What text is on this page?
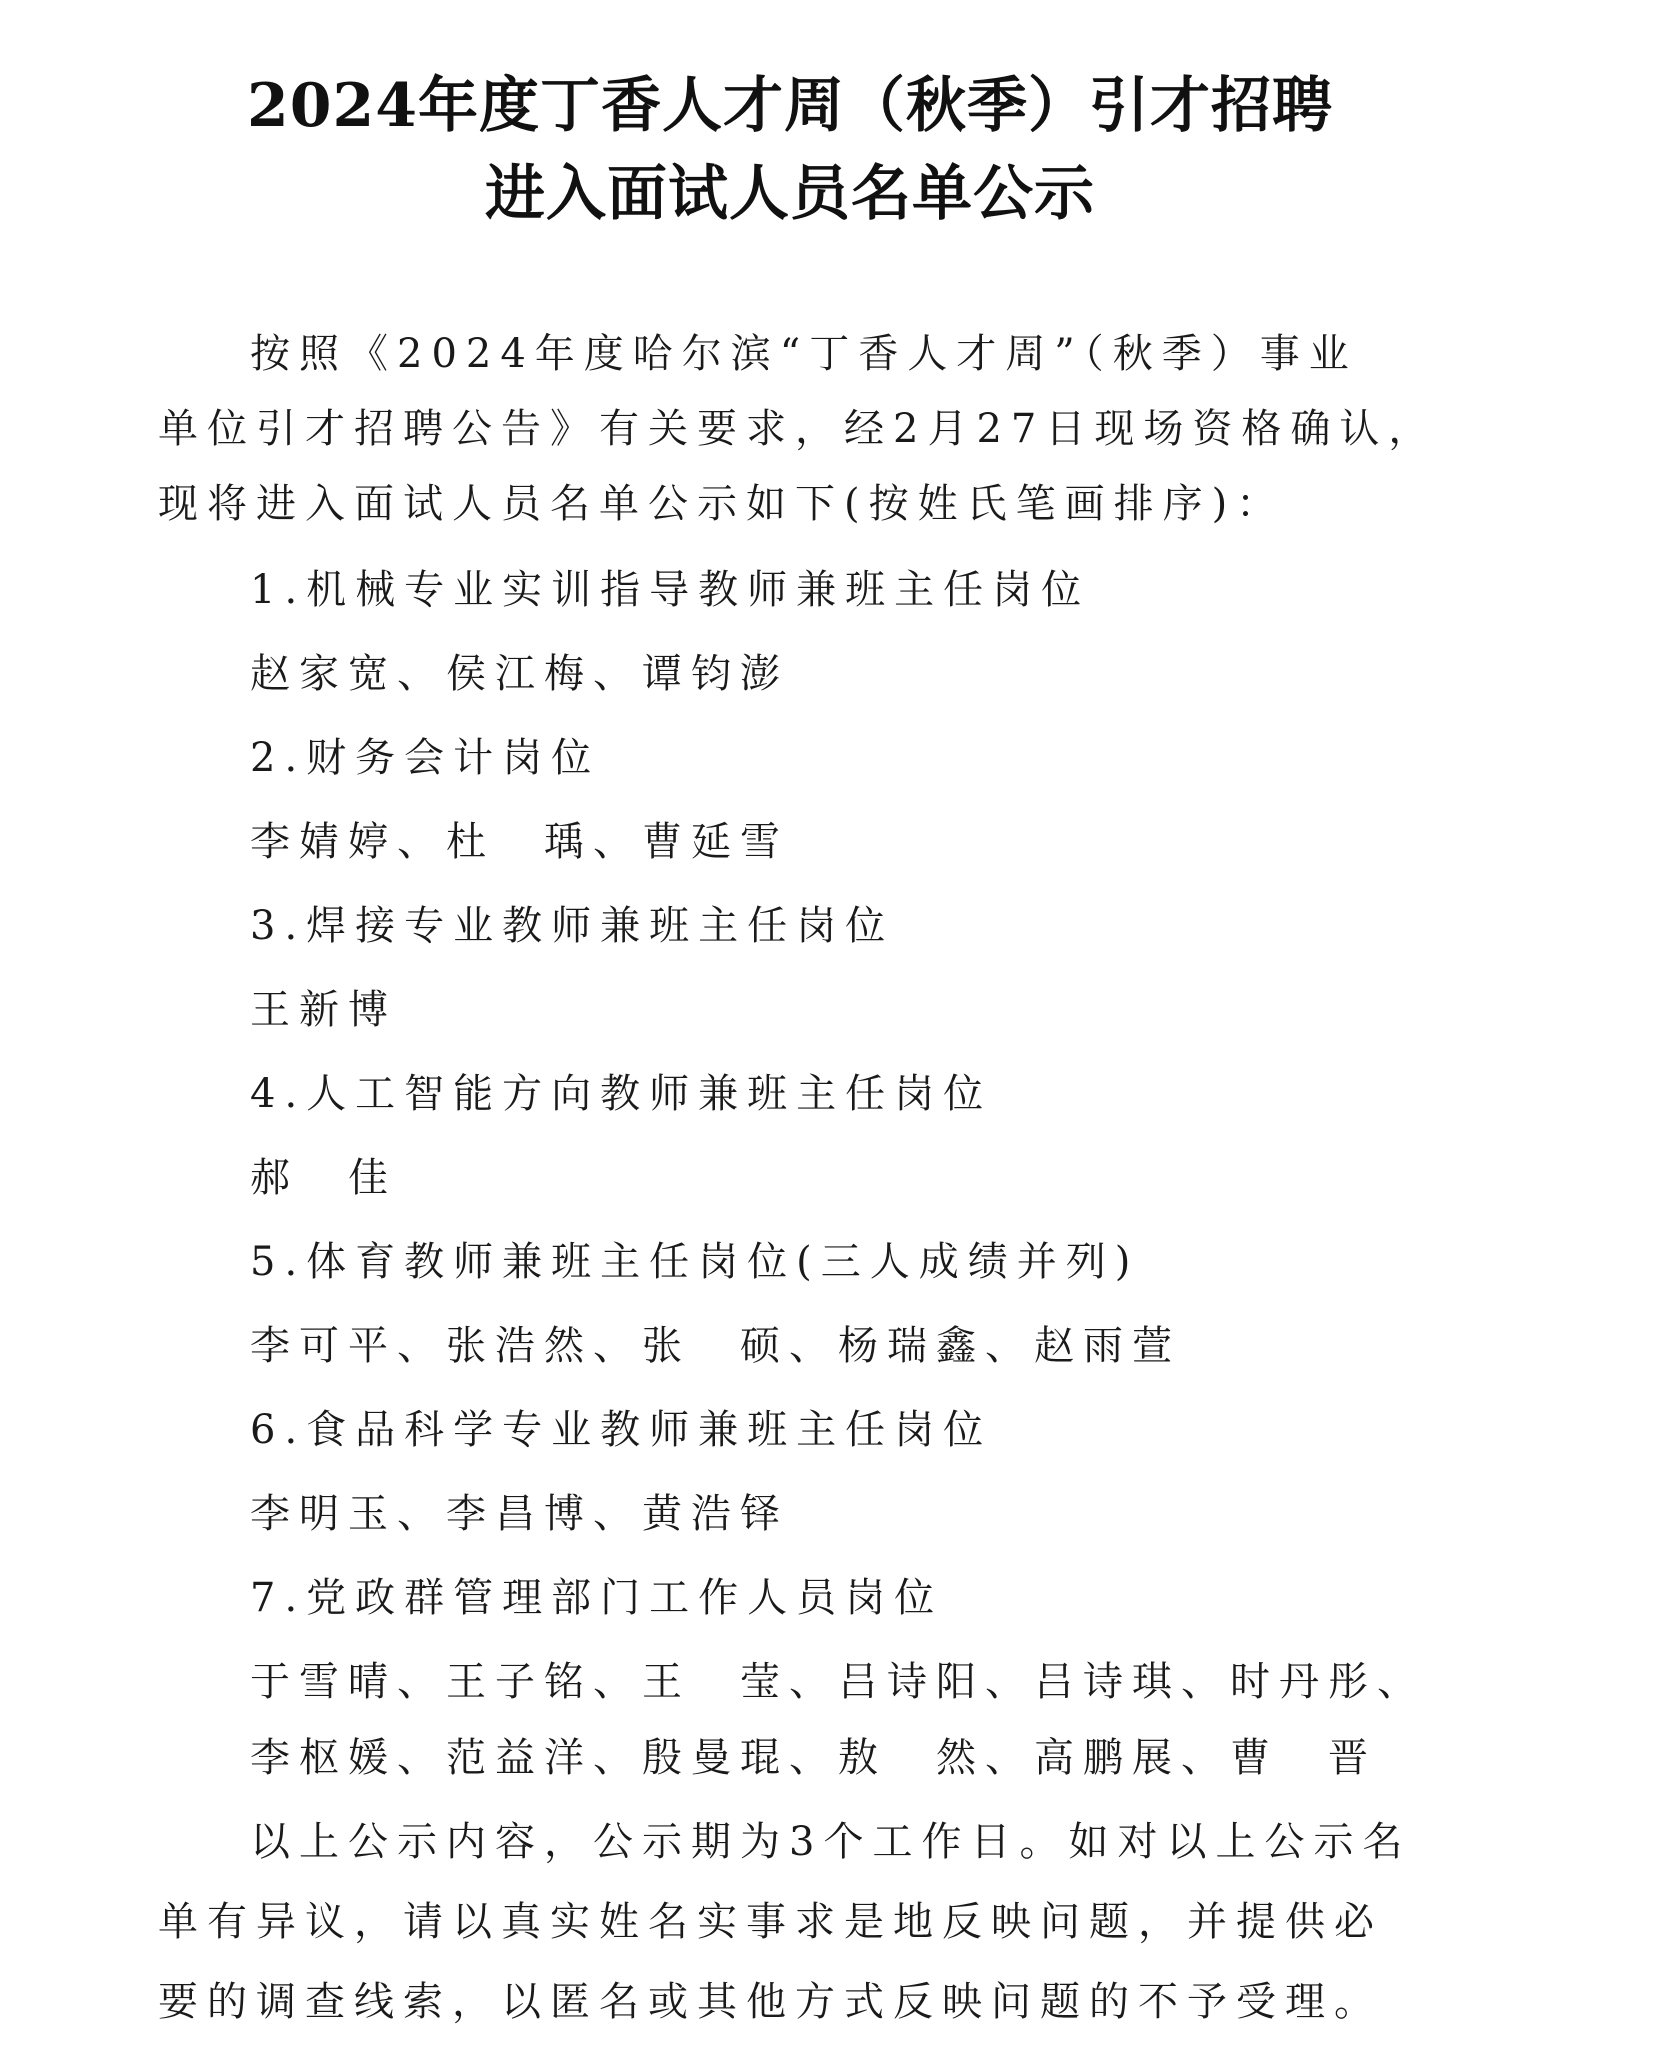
2024年度丁香人才周（秋季）引才招聘
进入面试人员名单公示
按照《2024年度哈尔滨“丁香人才周”（秋季）事业
单位引才招聘公告》有关要求，经2月27日现场资格确认，
现将进入面试人员名单公示如下(按姓氏笔画排序)：
1.机械专业实训指导教师兼班主任岗位
赵家宽、侯江梅、谭钧澎
2.财务会计岗位
李婧婷、杜　瑀、曹延雪
3.焊接专业教师兼班主任岗位
王新博
4.人工智能方向教师兼班主任岗位
郝　佳
5.体育教师兼班主任岗位(三人成绩并列)
李可平、张浩然、张　硕、杨瑞鑫、赵雨萱
6.食品科学专业教师兼班主任岗位
李明玉、李昌博、黄浩铎
7.党政群管理部门工作人员岗位
于雪晴、王子铭、王　莹、吕诗阳、吕诗琪、时丹彤、
李枢媛、范益洋、殷曼琨、敖　然、高鹏展、曹　晋
以上公示内容，公示期为3个工作日。如对以上公示名
单有异议，请以真实姓名实事求是地反映问题，并提供必
要的调查线索，以匿名或其他方式反映问题的不予受理。
